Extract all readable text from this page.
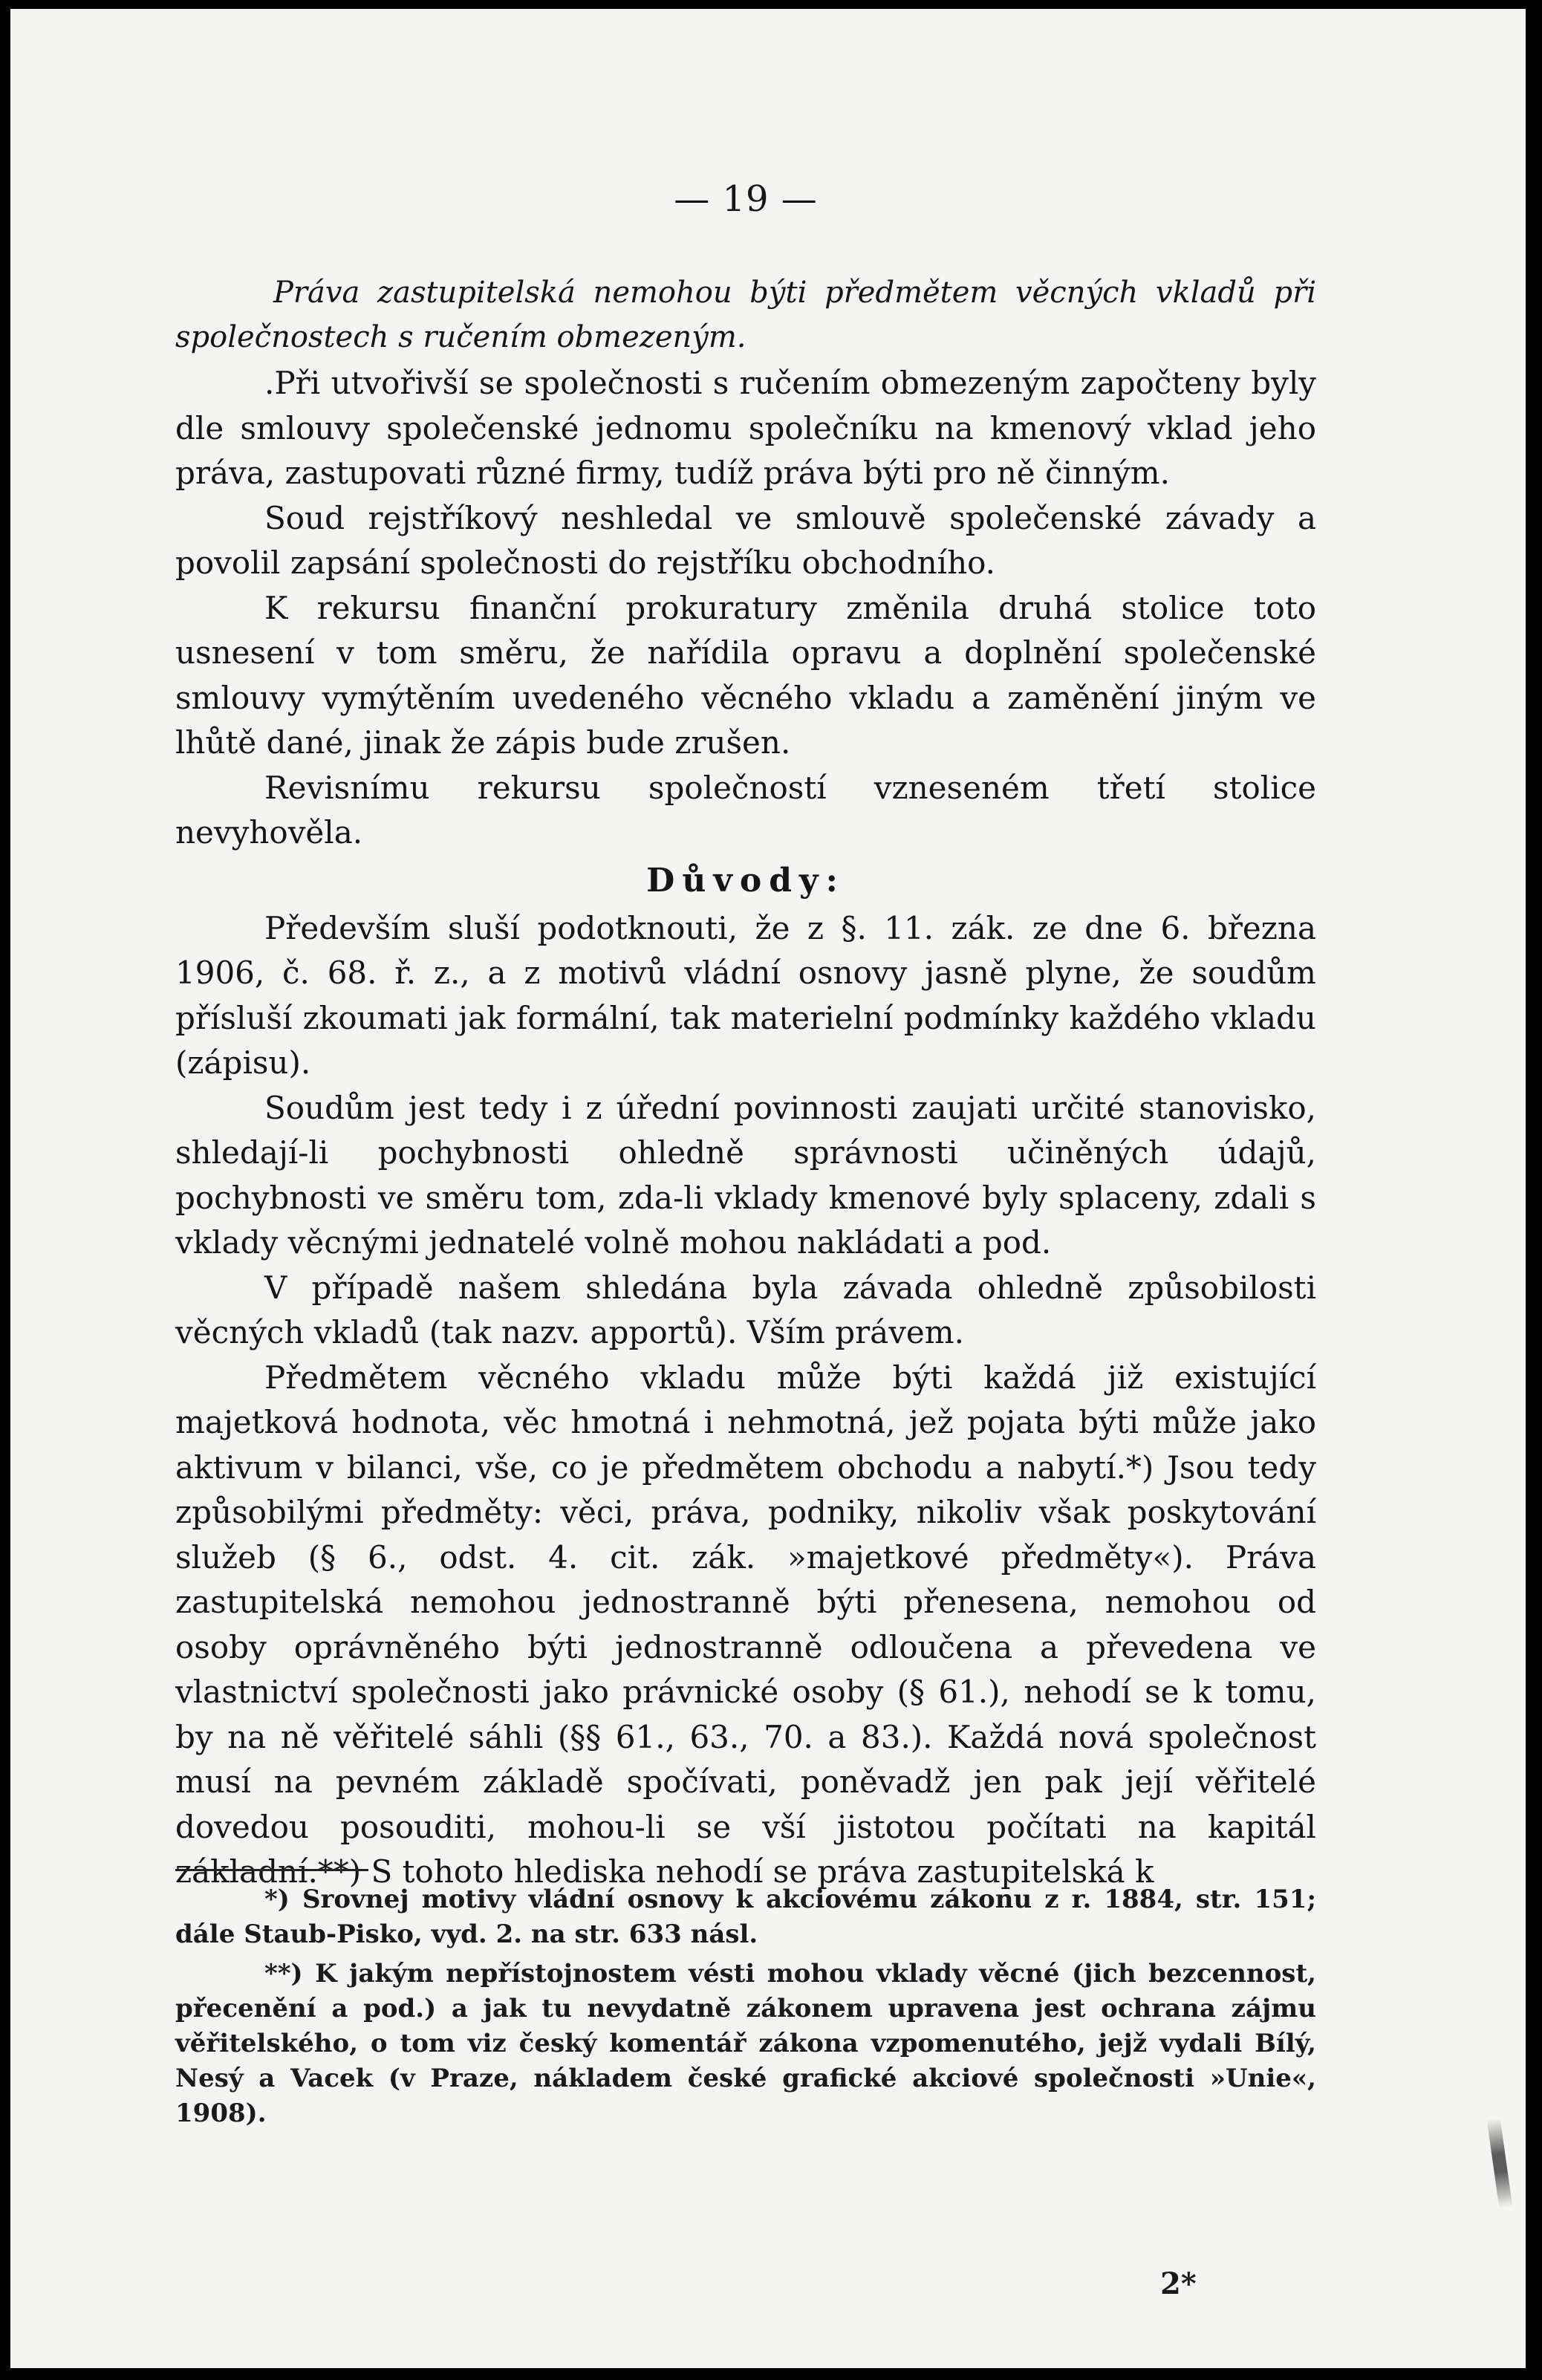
— 19 —
Práva zastupitelská nemohou býti předmětem věcných vkladů při společnostech s ručením obmezeným.

.Při utvořivší se společnosti s ručením obmezeným započteny byly dle smlouvy společenské jednomu společníku na kmenový vklad jeho práva, zastupovati různé firmy, tudíž práva býti pro ně činným.

Soud rejstříkový neshledal ve smlouvě společenské závady a povolil zapsání společnosti do rejstříku obchodního.

K rekursu finanční prokuratury změnila druhá stolice toto usnesení v tom směru, že nařídila opravu a doplnění společenské smlouvy vymýtěním uvedeného věcného vkladu a zaměnění jiným ve lhůtě dané, jinak že zápis bude zrušen.

Revisnímu rekursu společností vzneseném třetí stolice nevyhověla.

Důvody:

Především sluší podotknouti, že z §. 11. zák. ze dne 6. března 1906, č. 68. ř. z., a z motivů vládní osnovy jasně plyne, že soudům přísluší zkoumati jak formální, tak materielní podmínky každého vkladu (zápisu).

Soudům jest tedy i z úřední povinnosti zaujati určité stanovisko, shledají-li pochybnosti ohledně správnosti učiněných údajů, pochybnosti ve směru tom, zda-li vklady kmenové byly splaceny, zdali s vklady věcnými jednatelé volně mohou nakládati a pod.

V případě našem shledána byla závada ohledně způsobilosti věcných vkladů (tak nazv. apportů). Vším právem.

Předmětem věcného vkladu může býti každá již existující majetková hodnota, věc hmotná i nehmotná, jež pojata býti může jako aktivum v bilanci, vše, co je předmětem obchodu a nabytí.*) Jsou tedy způsobilými předměty: věci, práva, podniky, nikoliv však poskytování služeb (§ 6., odst. 4. cit. zák. »majetkové předměty«). Práva zastupitelská nemohou jednostranně býti přenesena, nemohou od osoby oprávněného býti jednostranně odloučena a převedena ve vlastnictví společnosti jako právnické osoby (§ 61.), nehodí se k tomu, by na ně věřitelé sáhli (§§ 61., 63., 70. a 83.). Každá nová společnost musí na pevném základě spočívati, poněvadž jen pak její věřitelé dovedou posouditi, mohou-li se vší jistotou počítati na kapitál základní.**) S tohoto hlediska nehodí se práva zastupitelská k

*) Srovnej motivy vládní osnovy k akciovému zákonu z r. 1884, str. 151; dále Staub-Pisko, vyd. 2. na str. 633 násl.

**) K jakým nepřístojnostem vésti mohou vklady věcné (jich bezcennost, přecenění a pod.) a jak tu nevydatně zákonem upravena jest ochrana zájmu věřitelského, o tom viz český komentář zákona vzpomenutého, jejž vydali Bílý, Nesý a Vacek (v Praze, nákladem české grafické akciové společnosti »Unie«, 1908).

2*
